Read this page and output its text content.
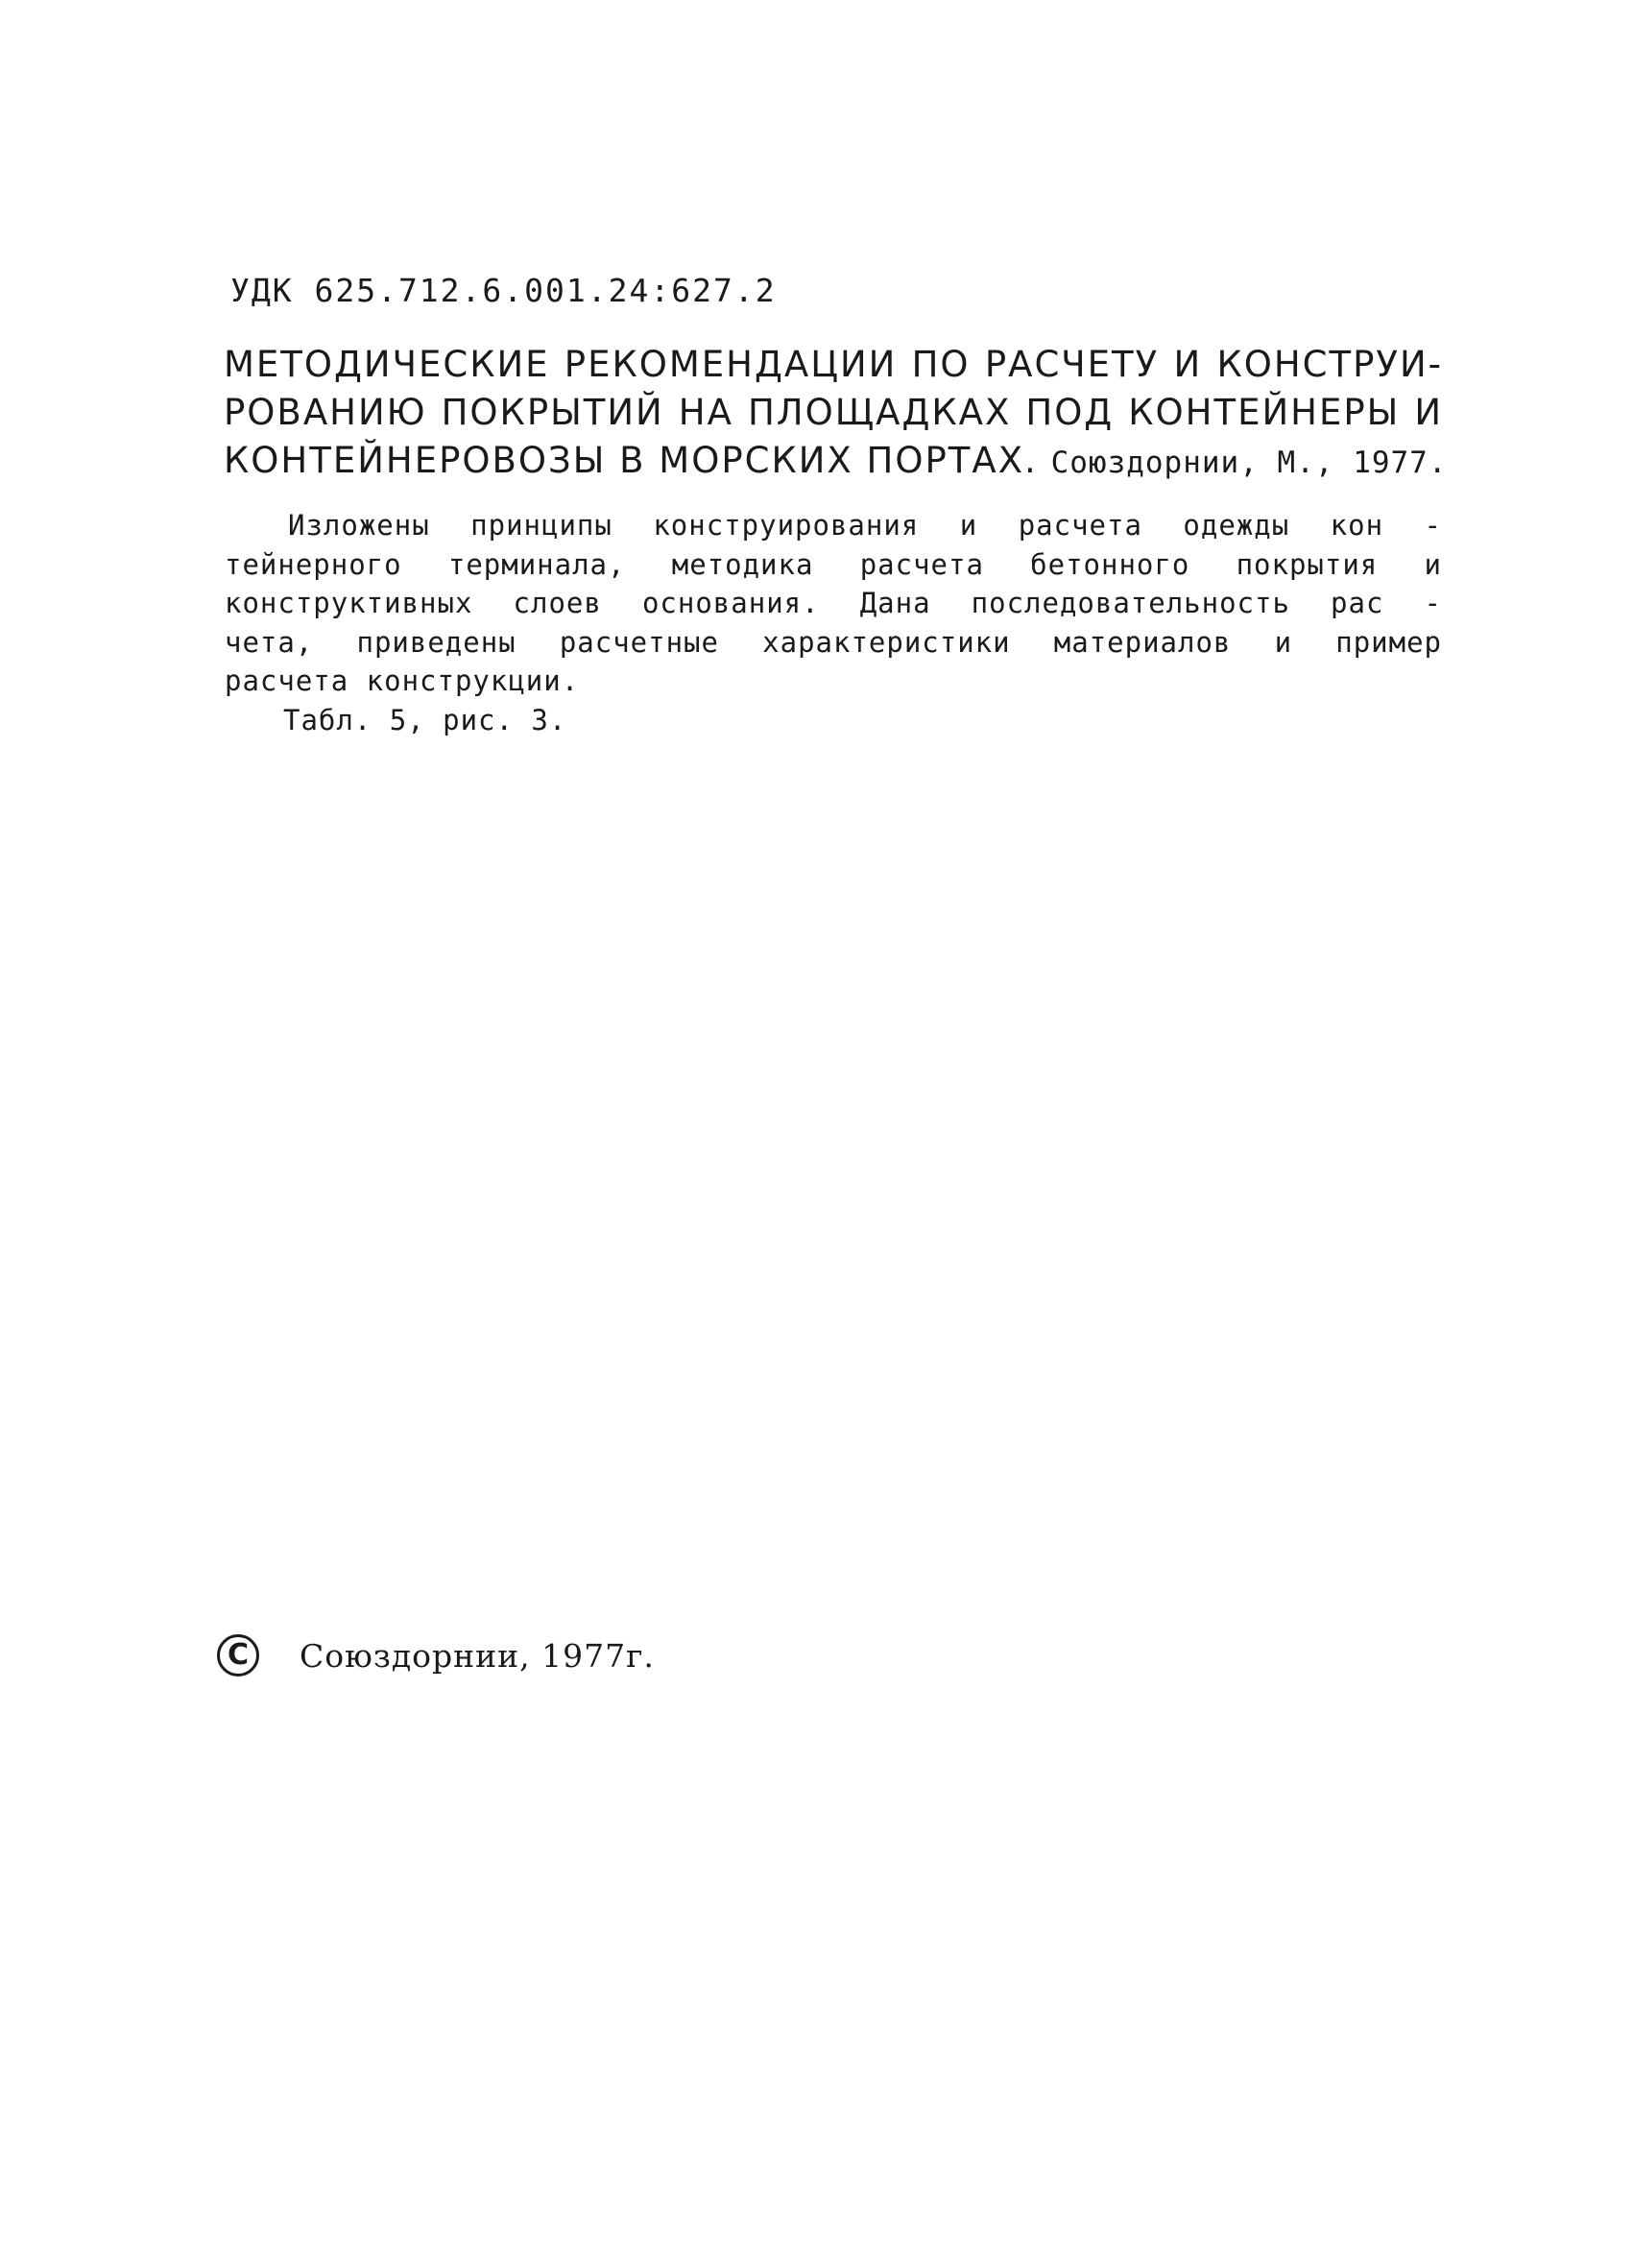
УДК 625.712.6.001.24:627.2
МЕТОДИЧЕСКИЕ РЕКОМЕНДАЦИИ ПО РАСЧЕТУ И КОНСТРУИ-
РОВАНИЮ ПОКРЫТИЙ НА ПЛОЩАДКАХ ПОД КОНТЕЙНЕРЫ И
КОНТЕЙНЕРОВОЗЫ В МОРСКИХ ПОРТАХ. Союздорнии, М., 1977.
Изложены принципы конструирования и расчета одежды кон -
тейнерного терминала, методика расчета бетонного покрытия и
конструктивных слоев основания. Дана последовательность рас -
чета, приведены расчетные характеристики материалов и пример
расчета конструкции.
Табл. 5, рис. 3.
C	Союздорнии, 1977г.
